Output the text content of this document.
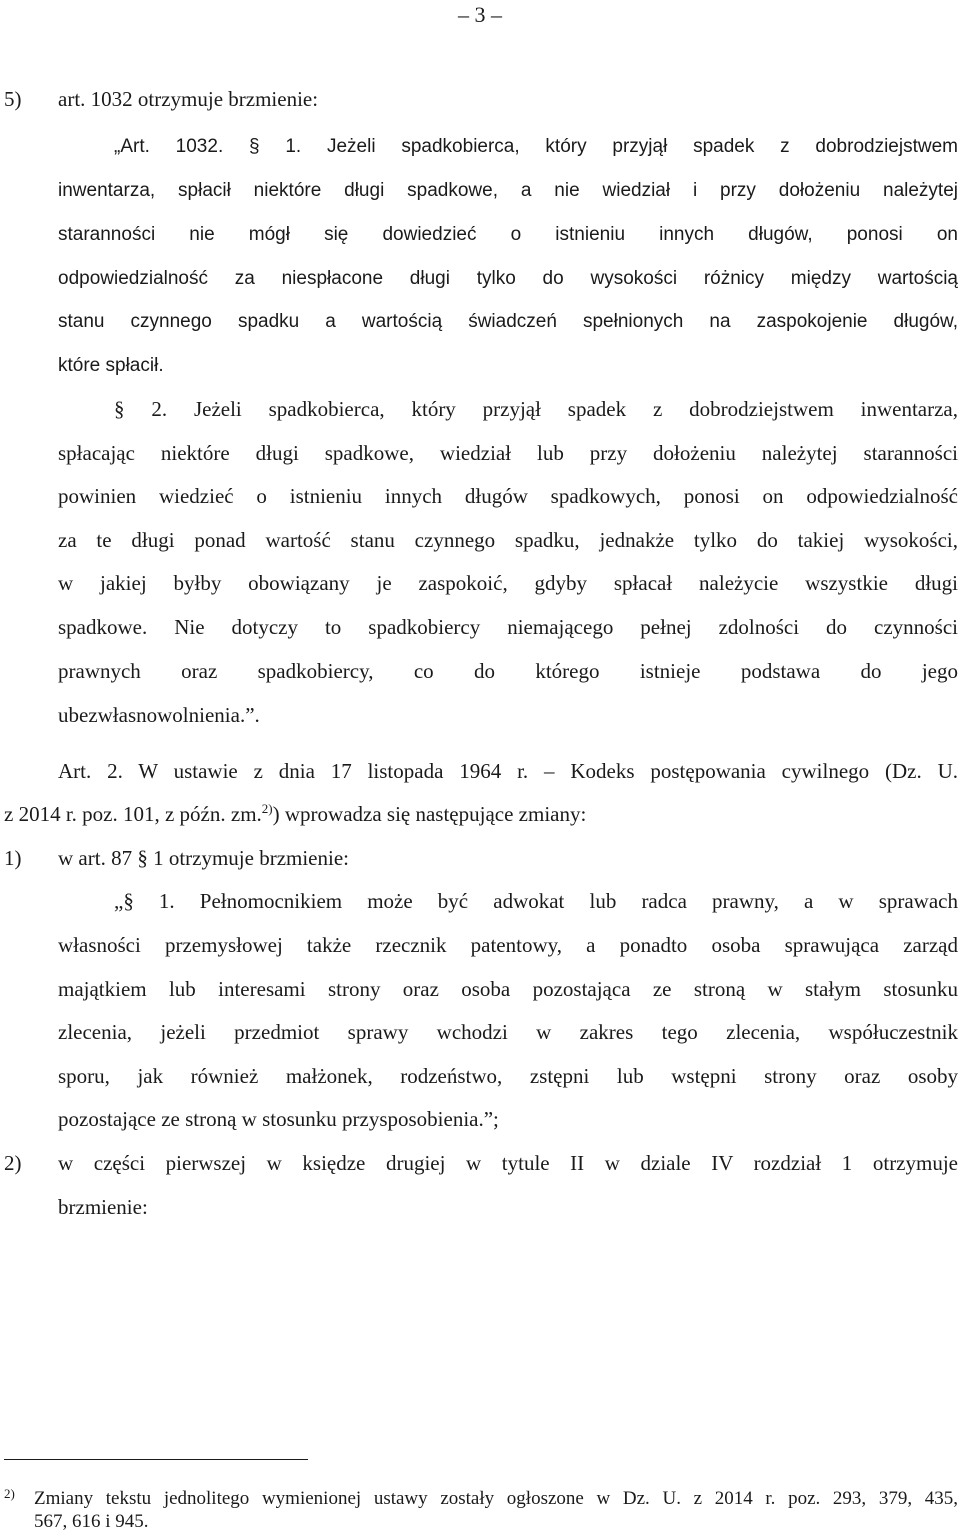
– 3 –
5) art. 1032 otrzymuje brzmienie:
„Art. 1032. § 1. Jeżeli spadkobierca, który przyjął spadek z dobrodziejstwem
inwentarza, spłacił niektóre długi spadkowe, a nie wiedział i przy dołożeniu należytej
staranności nie mógł się dowiedzieć o istnieniu innych długów, ponosi on
odpowiedzialność za niespłacone długi tylko do wysokości różnicy między wartością
stanu czynnego spadku a wartością świadczeń spełnionych na zaspokojenie długów,
które spłacił.
§ 2. Jeżeli spadkobierca, który przyjął spadek z dobrodziejstwem inwentarza,
spłacając niektóre długi spadkowe, wiedział lub przy dołożeniu należytej staranności
powinien wiedzieć o istnieniu innych długów spadkowych, ponosi on odpowiedzialność
za te długi ponad wartość stanu czynnego spadku, jednakże tylko do takiej wysokości,
w jakiej byłby obowiązany je zaspokoić, gdyby spłacał należycie wszystkie długi
spadkowe. Nie dotyczy to spadkobiercy niemającego pełnej zdolności do czynności
prawnych oraz spadkobiercy, co do którego istnieje podstawa do jego
ubezwłasnowolnienia.”.
Art. 2. W ustawie z dnia 17 listopada 1964 r. – Kodeks postępowania cywilnego (Dz. U.
z 2014 r. poz. 101, z późn. zm.$^{2)}$) wprowadza się następujące zmiany:
1) w art. 87 § 1 otrzymuje brzmienie:
„§ 1. Pełnomocnikiem może być adwokat lub radca prawny, a w sprawach
własności przemysłowej także rzecznik patentowy, a ponadto osoba sprawująca zarząd
majątkiem lub interesami strony oraz osoba pozostająca ze stroną w stałym stosunku
zlecenia, jeżeli przedmiot sprawy wchodzi w zakres tego zlecenia, współuczestnik
sporu, jak również małżonek, rodzeństwo, zstępni lub wstępni strony oraz osoby
pozostające ze stroną w stosunku przysposobienia.”;
2) w części pierwszej w księdze drugiej w tytule II w dziale IV rozdział 1 otrzymuje
brzmienie:
2) Zmiany tekstu jednolitego wymienionej ustawy zostały ogłoszone w Dz. U. z 2014 r. poz. 293, 379, 435,
567, 616 i 945.
